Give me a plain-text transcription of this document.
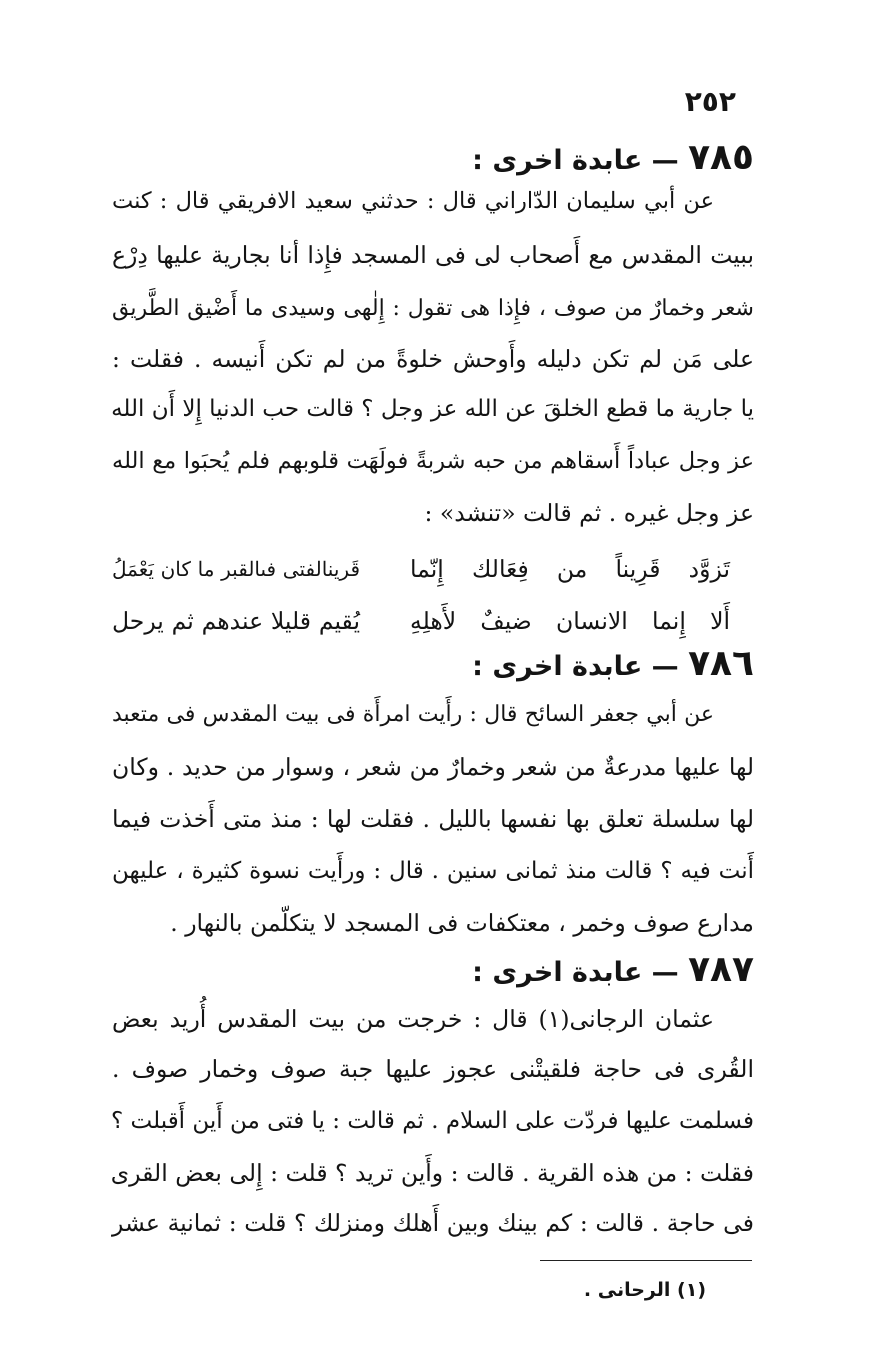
٢٥٢
٧٨٥ — عابدة اخرى :
عن أبي سليمان الدّاراني قال : حدثني سعيد الافريقي قال : كنت
ببيت المقدس مع أَصحاب لى فى المسجد فإِذا أنا بجارية عليها دِرْع
شعر وخمارٌ من صوف ، فإِذا هى تقول : إِلٰهى وسيدى ما أَضْيق الطَّريق
على مَن لم تكن دليله وأَوحش خلوةً من لم تكن أَنيسه . فقلت :
يا جارية ما قطع الخلقَ عن الله عز وجل ؟ قالت حب الدنيا إِلا أَن الله
عز وجل عباداً أَسقاهم من حبه شربةً فولَهَت قلوبهم فلم يُحبَوا مع الله
عز وجل غيره . ثم قالت «تنشد» :
تَزوَّد قَرِيناً من فِعَالك إِنّما
قَرينالفتى فىالقبر ما كان يَعْمَلُ
أَلا إِنما الانسان ضيفٌ لأَهلِهِ
يُقيم قليلا عندهم ثم يرحل
٧٨٦ — عابدة اخرى :
عن أبي جعفر السائح قال : رأَيت امرأَة فى بيت المقدس فى متعبد
لها عليها مدرعةٌ من شعر وخمارٌ من شعر ، وسوار من حديد . وكان
لها سلسلة تعلق بها نفسها بالليل . فقلت لها : منذ متى أَخذت فيما
أَنت فيه ؟ قالت منذ ثمانى سنين . قال : ورأَيت نسوة كثيرة ، عليهن
مدارع صوف وخمر ، معتكفات فى المسجد لا يتكلّمن بالنهار .
٧٨٧ — عابدة اخرى :
عثمان الرجانى(١) قال : خرجت من بيت المقدس أُريد بعض
القُرى فى حاجة فلقيتْنى عجوز عليها جبة صوف وخمار صوف .
فسلمت عليها فردّت على السلام . ثم قالت : يا فتى من أَين أَقبلت ؟
فقلت : من هذه القرية . قالت : وأَين تريد ؟ قلت : إِلى بعض القرى
فى حاجة . قالت : كم بينك وبين أَهلك ومنزلك ؟ قلت : ثمانية عشر
(١) الرحانى .
